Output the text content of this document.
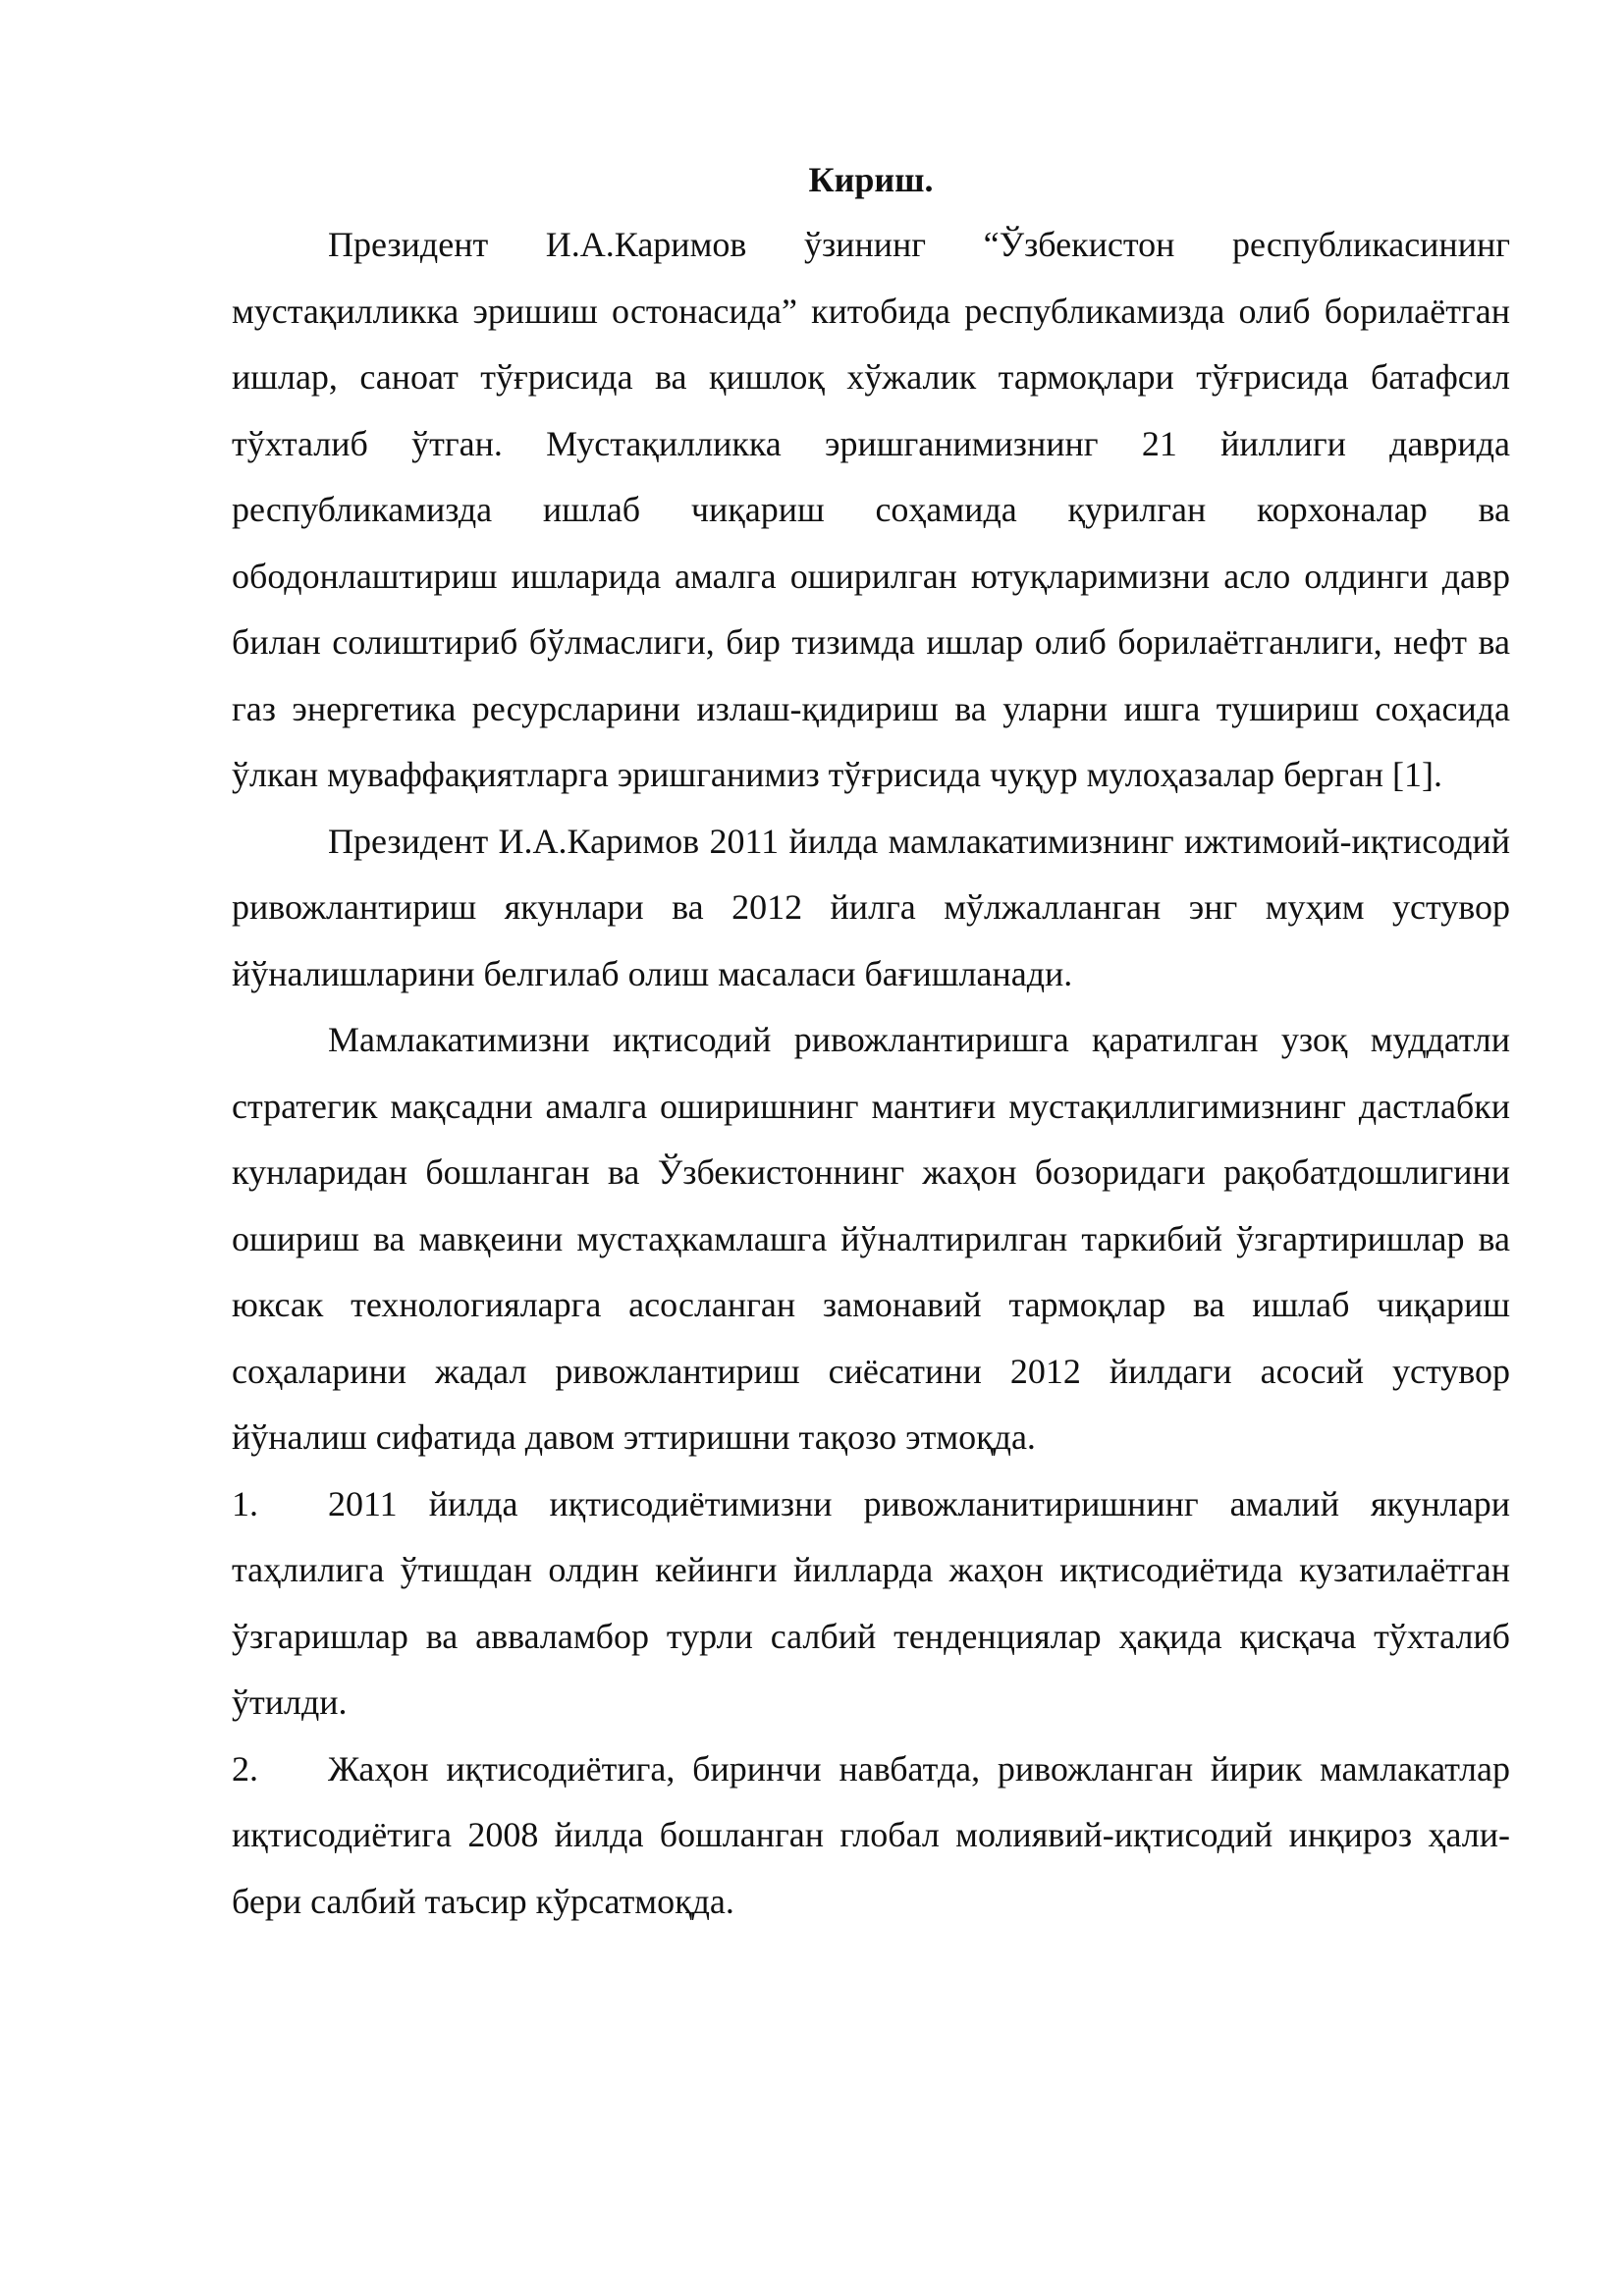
Кириш.

Президент И.А.Каримов ўзининг “Ўзбекистон республикасининг мустақилликка эришиш остонасида” китобида республикамизда олиб борилаётган ишлар, саноат тўғрисида ва қишлоқ хўжалик тармоқлари тўғрисида батафсил тўхталиб ўтган. Мустақилликка эришганимизнинг 21 йиллиги даврида республикамизда ишлаб чиқариш соҳамида қурилган корхоналар ва ободонлаштириш ишларида амалга оширилган ютуқларимизни асло олдинги давр билан солиштириб бўлмаслиги, бир тизимда ишлар олиб борилаётганлиги, нефт ва газ энергетика ресурсларини излаш-қидириш ва уларни ишга тушириш соҳасида ўлкан муваффақиятларга эришганимиз тўғрисида чуқур мулоҳазалар берган [1].

Президент И.А.Каримов 2011 йилда мамлакатимизнинг ижтимоий-иқтисодий ривожлантириш якунлари ва 2012 йилга мўлжалланган энг муҳим устувор йўналишларини белгилаб олиш масаласи бағишланади.

Мамлакатимизни иқтисодий ривожлантиришга қаратилган узоқ муддатли стратегик мақсадни амалга оширишнинг мантиғи мустақиллигимизнинг дастлабки кунларидан бошланган ва Ўзбекистоннинг жаҳон бозоридаги рақобатдошлигини ошириш ва мавқеини мустаҳкамлашга йўналтирилган таркибий ўзгартиришлар ва юксак технологияларга асосланган замонавий тармоқлар ва ишлаб чиқариш соҳаларини жадал ривожлантириш сиёсатини 2012 йилдаги асосий устувор йўналиш сифатида давом эттиришни тақозо этмоқда.

1. 2011 йилда иқтисодиётимизни ривожланитиришнинг амалий якунлари таҳлилига ўтишдан олдин кейинги йилларда жаҳон иқтисодиётида кузатилаётган ўзгаришлар ва авваламбор турли салбий тенденциялар ҳақида қисқача тўхталиб ўтилди.

2. Жаҳон иқтисодиётига, биринчи навбатда, ривожланган йирик мамлакатлар иқтисодиётига 2008 йилда бошланган глобал молиявий-иқтисодий инқироз ҳали-бери салбий таъсир кўрсатмоқда.
